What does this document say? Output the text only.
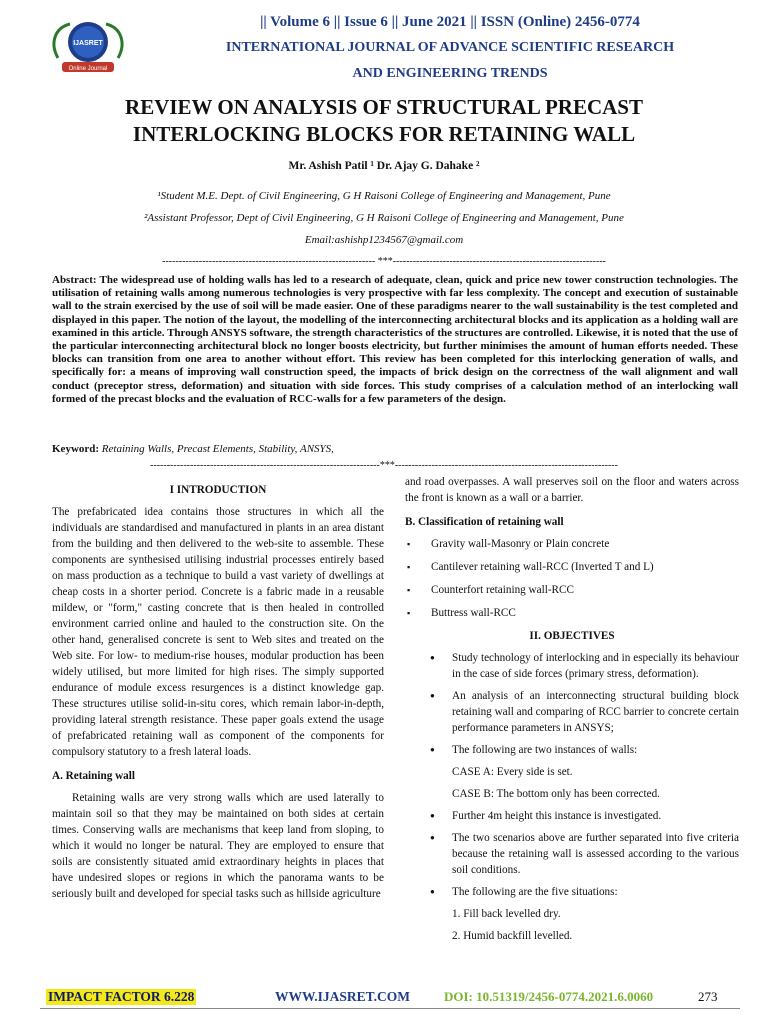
IJASRET
Online Journal
|| Volume 6 || Issue 6 || June 2021 || ISSN (Online) 2456-0774
INTERNATIONAL JOURNAL OF ADVANCE SCIENTIFIC RESEARCH
AND ENGINEERING TRENDS
REVIEW ON ANALYSIS OF STRUCTURAL PRECAST
INTERLOCKING BLOCKS FOR RETAINING WALL
Mr. Ashish Patil ¹ Dr. Ajay G. Dahake ²
¹Student M.E. Dept. of Civil Engineering, G H Raisoni College of Engineering and Management, Pune
²Assistant Professor, Dept of Civil Engineering, G H Raisoni College of Engineering and Management, Pune
Email:ashishp1234567@gmail.com
---------------------------------------------------------------- ***----------------------------------------------------------------
Abstract: The widespread use of holding walls has led to a research of adequate, clean, quick and price new tower construction technologies. The utilisation of retaining walls among numerous technologies is very prospective with far less complexity. The concept and execution of sustainable wall to the strain exercised by the use of soil will be made easier. One of these paradigms nearer to the wall sustainability is the test completed and displayed in this paper. The notion of the layout, the modelling of the interconnecting architectural blocks and its application as a holding wall are examined in this article. Through ANSYS software, the strength characteristics of the structures are controlled. Likewise, it is noted that the use of the particular interconnecting architectural block no longer boosts electricity, but further minimises the amount of human efforts needed. These blocks can transition from one area to another without effort. This review has been completed for this interlocking generation of walls, and specifically for: a means of improving wall construction speed, the impacts of brick design on the correctness of the wall alignment and wall conduct (preceptor stress, deformation) and situation with side forces. This study comprises of a calculation method of an interlocking wall formed of the precast blocks and the evaluation of RCC-walls for a few parameters of the design.
Keyword: Retaining Walls, Precast Elements, Stability, ANSYS,
---------------------------------------------------------------------***-------------------------------------------------------------------
I INTRODUCTION

The prefabricated idea contains those structures in which all the individuals are standardised and manufactured in plants in an area distant from the building and then delivered to the web-site to assemble. These components are synthesised utilising industrial processes entirely based on mass production as a technique to build a vast variety of dwellings at cheap costs in a shorter period. Concrete is a fabric made in a reusable mildew, or "form," casting concrete that is then healed in controlled environment carried online and hauled to the construction site. On the other hand, generalised concrete is sent to Web sites and treated on the Web site. For low- to medium-rise houses, modular production has been widely utilised, but more limited for high rises. The simply supported endurance of module excess resurgences is a distinct knowledge gap. These structures utilise solid-in-situ cores, which remain labor-in-depth, providing lateral strength resistance. These paper goals extend the usage of prefabricated retaining wall as component of the components for compulsory statutory to a fresh lateral loads.

A. Retaining wall

Retaining walls are very strong walls which are used laterally to maintain soil so that they may be maintained on both sides at certain times. Conserving walls are mechanisms that keep land from sloping, to which it would no longer be natural. They are employed to ensure that soils are consistently situated amid extraordinary heights in places that have undesired slopes or regions in which the panorama wants to be seriously built and developed for special tasks such as hillside agriculture

and road overpasses. A wall preserves soil on the floor and waters across the front is known as a wall or a barrier.

B. Classification of retaining wall
▪ Gravity wall-Masonry or Plain concrete
▪ Cantilever retaining wall-RCC (Inverted T and L)
▪ Counterfort retaining wall-RCC
▪ Buttress wall-RCC
II. OBJECTIVES
● Study technology of interlocking and in especially its behaviour in the case of side forces (primary stress, deformation).
● An analysis of an interconnecting structural building block retaining wall and comparing of RCC barrier to concrete certain performance parameters in ANSYS;
● The following are two instances of walls:
CASE A: Every side is set.
CASE B: The bottom only has been corrected.
● Further 4m height this instance is investigated.
● The two scenarios above are further separated into five criteria because the retaining wall is assessed according to the various soil conditions.
● The following are the five situations:
1. Fill back levelled dry.
2. Humid backfill levelled.
IMPACT FACTOR 6.228	WWW.IJASRET.COM	DOI: 10.51319/2456-0774.2021.6.0060	273
